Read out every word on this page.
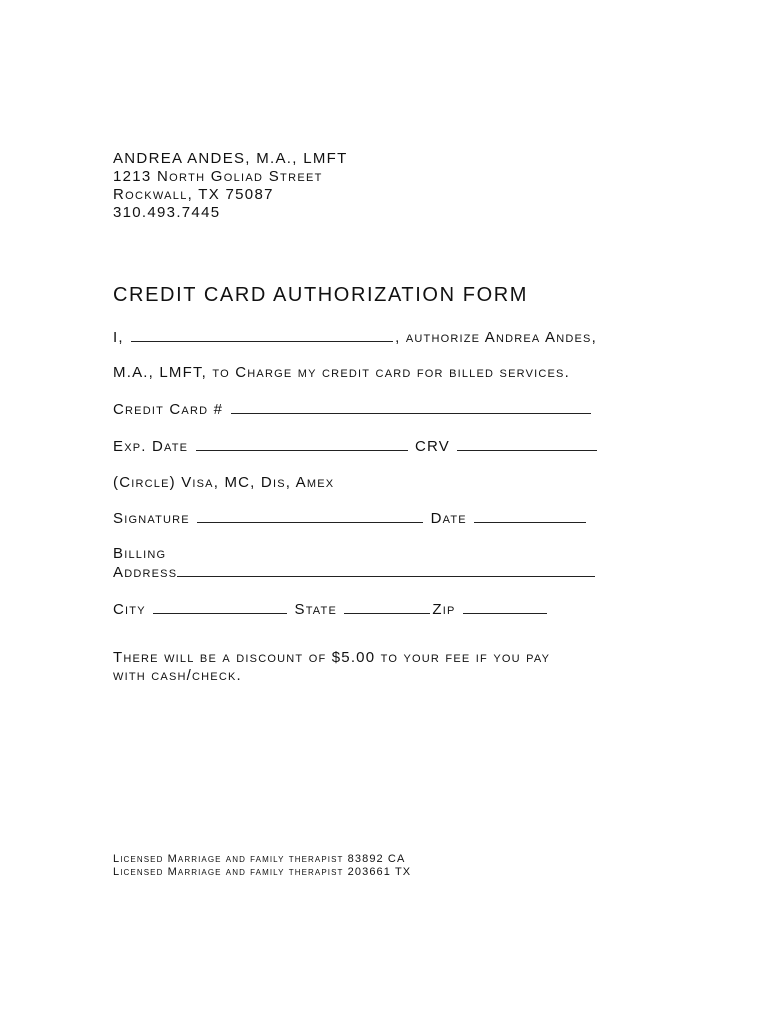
ANDREA ANDES, M.A., LMFT
1213 North Goliad Street
Rockwall, TX 75087
310.493.7445
CREDIT CARD AUTHORIZATION FORM
I,	, authorize Andrea Andes,
M.A., LMFT, to Charge my credit card for billed services.
Credit Card #
Exp. Date	CRV
(Circle) Visa, MC, Dis, Amex
Signature	Date
Billing
Address
City	State	Zip
There will be a discount of $5.00 to your fee if you pay
with cash/check.
Licensed Marriage and family therapist 83892 CA
Licensed Marriage and family therapist 203661 TX
